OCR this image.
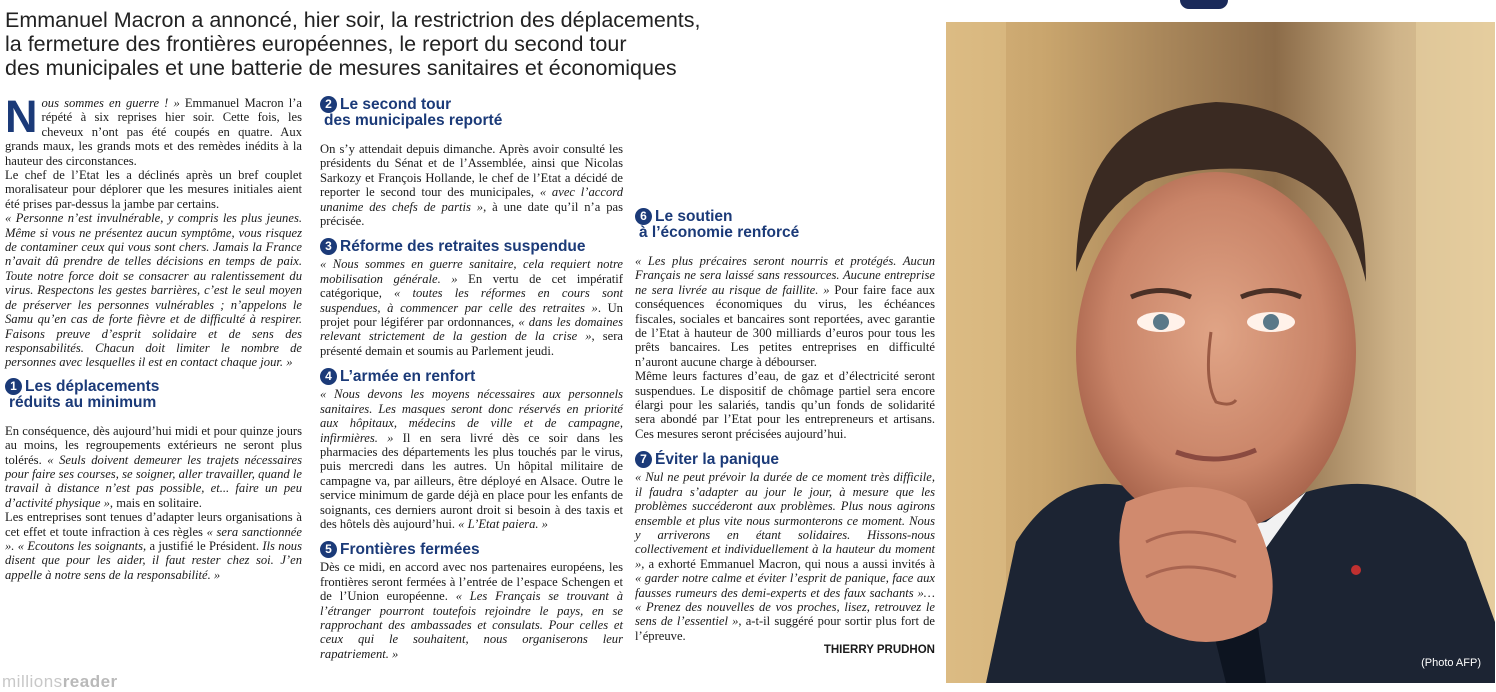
Emmanuel Macron a annoncé, hier soir, la restrictrion des déplacements,
la fermeture des frontières européennes, le report du second tour
des municipales et une batterie de mesures sanitaires et économiques

Nous sommes en guerre ! » Emmanuel Macron l’a répété à six reprises hier soir. Cette fois, les cheveux n’ont pas été coupés en quatre. Aux grands maux, les grands mots et des remèdes inédits à la hauteur des circonstances.

Le chef de l’Etat les a déclinés après un bref couplet moralisateur pour déplorer que les mesures initiales aient été prises par-dessus la jambe par certains.

« Personne n’est invulnérable, y compris les plus jeunes. Même si vous ne présentez aucun symptôme, vous risquez de contaminer ceux qui vous sont chers. Jamais la France n’avait dû prendre de telles décisions en temps de paix. Toute notre force doit se consacrer au ralentissement du virus. Respectons les gestes barrières, c’est le seul moyen de préserver les personnes vulnérables ; n’appelons le Samu qu’en cas de forte fièvre et de difficulté à respirer. Faisons preuve d’esprit solidaire et de sens des responsabilités. Chacun doit limiter le nombre de personnes avec lesquelles il est en contact chaque jour. »

1 Les déplacements
réduits au minimum

En conséquence, dès aujourd’hui midi et pour quinze jours au moins, les regroupements extérieurs ne seront plus tolérés. « Seuls doivent demeurer les trajets nécessaires pour faire ses courses, se soigner, aller travailler, quand le travail à distance n’est pas possible, et... faire un peu d’activité physique », mais en solitaire.

Les entreprises sont tenues d’adapter leurs organisations à cet effet et toute infraction à ces règles « sera sanctionnée ». « Ecoutons les soignants, a justifié le Président. Ils nous disent que pour les aider, il faut rester chez soi. J’en appelle à notre sens de la responsabilité. »

2 Le second tour
des municipales reporté

On s’y attendait depuis dimanche. Après avoir consulté les présidents du Sénat et de l’Assemblée, ainsi que Nicolas Sarkozy et François Hollande, le chef de l’Etat a décidé de reporter le second tour des municipales, « avec l’accord unanime des chefs de partis », à une date qu’il n’a pas précisée.

3 Réforme des retraites suspendue

« Nous sommes en guerre sanitaire, cela requiert notre mobilisation générale. » En vertu de cet impératif catégorique, « toutes les réformes en cours sont suspendues, à commencer par celle des retraites ». Un projet pour légiférer par ordonnances, « dans les domaines relevant strictement de la gestion de la crise », sera présenté demain et soumis au Parlement jeudi.

4 L’armée en renfort

« Nous devons les moyens nécessaires aux personnels sanitaires. Les masques seront donc réservés en priorité aux hôpitaux, médecins de ville et de campagne, infirmières. » Il en sera livré dès ce soir dans les pharmacies des départements les plus touchés par le virus, puis mercredi dans les autres. Un hôpital militaire de campagne va, par ailleurs, être déployé en Alsace. Outre le service minimum de garde déjà en place pour les enfants de soignants, ces derniers auront droit si besoin à des taxis et des hôtels dès aujourd’hui. « L’Etat paiera. »

5 Frontières fermées

Dès ce midi, en accord avec nos partenaires européens, les frontières seront fermées à l’entrée de l’espace Schengen et de l’Union européenne. « Les Français se trouvant à l’étranger pourront toutefois rejoindre le pays, en se rapprochant des ambassades et consulats. Pour celles et ceux qui le souhaitent, nous organiserons leur rapatriement. »

6 Le soutien
à l’économie renforcé

« Les plus précaires seront nourris et protégés. Aucun Français ne sera laissé sans ressources. Aucune entreprise ne sera livrée au risque de faillite. » Pour faire face aux conséquences économiques du virus, les échéances fiscales, sociales et bancaires sont reportées, avec garantie de l’Etat à hauteur de 300 milliards d’euros pour tous les prêts bancaires. Les petites entreprises en difficulté n’auront aucune charge à débourser.

Même leurs factures d’eau, de gaz et d’électricité seront suspendues. Le dispositif de chômage partiel sera encore élargi pour les salariés, tandis qu’un fonds de solidarité sera abondé par l’Etat pour les entrepreneurs et artisans. Ces mesures seront précisées aujourd’hui.

7 Éviter la panique

« Nul ne peut prévoir la durée de ce moment très difficile, il faudra s’adapter au jour le jour, à mesure que les problèmes succéderont aux problèmes. Plus nous agirons ensemble et plus vite nous surmonterons ce moment. Nous y arriverons en étant solidaires. Hissons-nous collectivement et individuellement à la hauteur du moment », a exhorté Emmanuel Macron, qui nous a aussi invités à « garder notre calme et éviter l’esprit de panique, face aux fausses rumeurs des demi-experts et des faux sachants »… « Prenez des nouvelles de vos proches, lisez, retrouvez le sens de l’essentiel », a-t-il suggéré pour sortir plus fort de l’épreuve.

THIERRY PRUDHON

(Photo AFP)
millionsreader
